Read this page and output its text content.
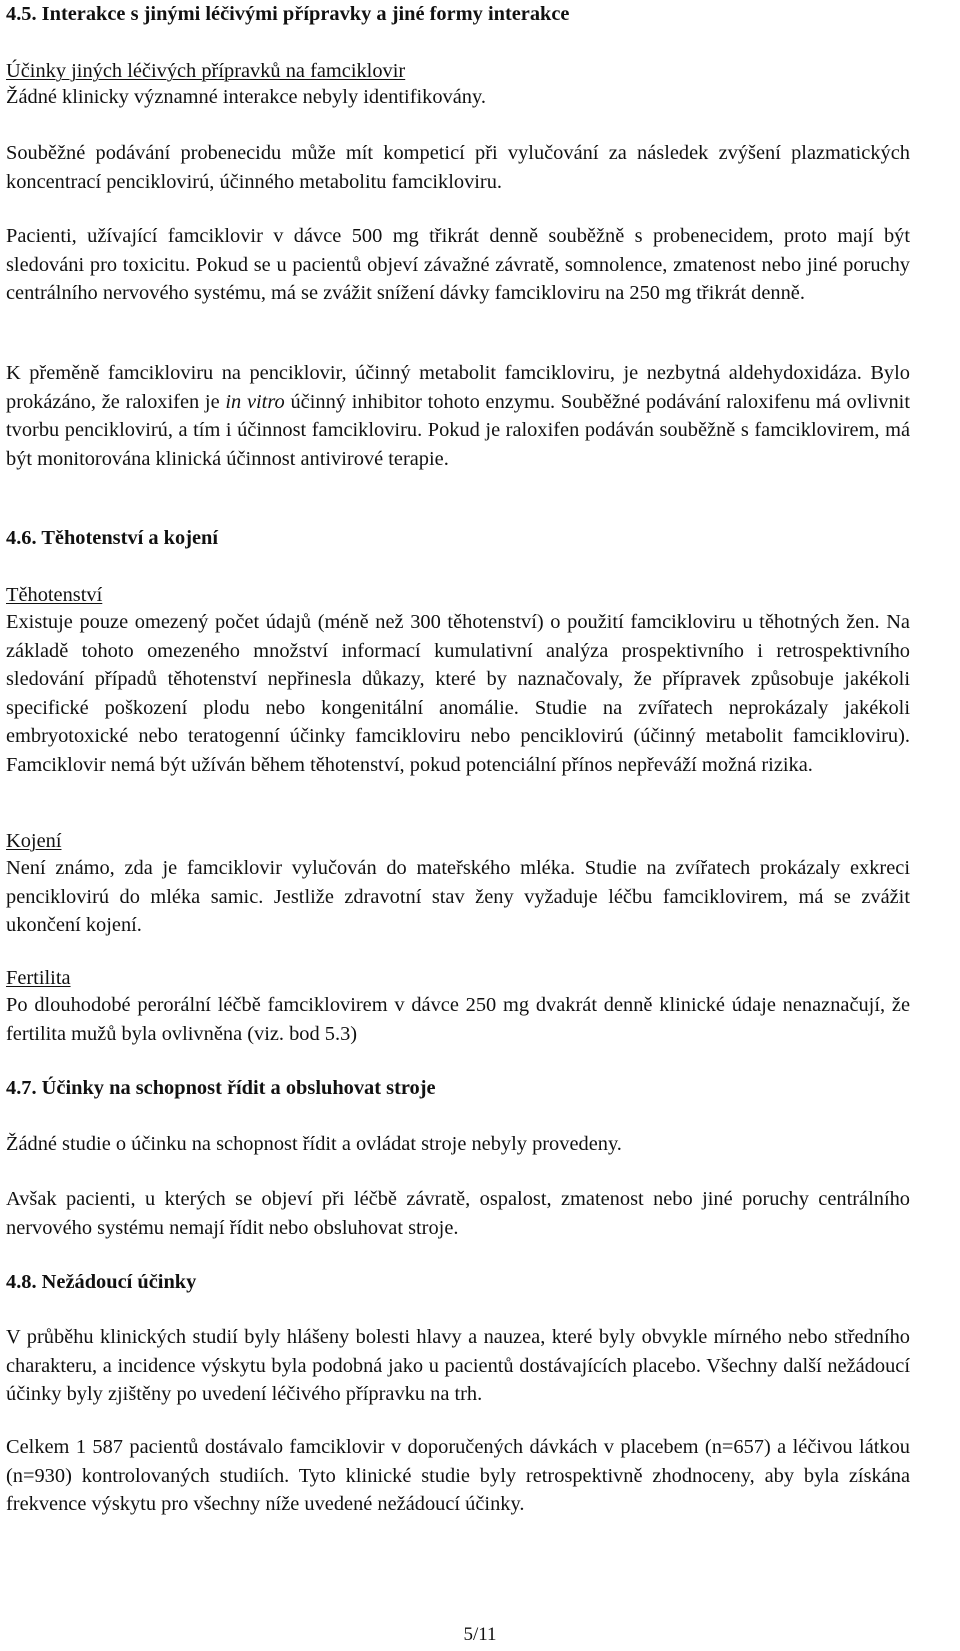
4.5. Interakce s jinými léčivými přípravky a jiné formy interakce

Účinky jiných léčivých přípravků na famciklovir

Žádné klinicky významné interakce nebyly identifikovány.

Souběžné podávání probenecidu může mít kompeticí při vylučování za následek zvýšení plazmatických koncentrací penciklovirú, účinného metabolitu famcikloviru.

Pacienti, užívající famciklovir v dávce 500 mg třikrát denně souběžně s probenecidem, proto mají být sledováni pro toxicitu. Pokud se u pacientů objeví závažné závratě, somnolence, zmatenost nebo jiné poruchy centrálního nervového systému, má se zvážit snížení dávky famcikloviru na 250 mg třikrát denně.

K přeměně famcikloviru na penciklovir, účinný metabolit famcikloviru, je nezbytná aldehydoxidáza. Bylo prokázáno, že raloxifen je in vitro účinný inhibitor tohoto enzymu. Souběžné podávání raloxifenu má ovlivnit tvorbu penciklovirú, a tím i účinnost famcikloviru. Pokud je raloxifen podáván souběžně s famciklovirem, má být monitorována klinická účinnost antivirové terapie.

4.6. Těhotenství a kojení

Těhotenství

Existuje pouze omezený počet údajů (méně než 300 těhotenství) o použití famcikloviru u těhotných žen. Na základě tohoto omezeného množství informací kumulativní analýza prospektivního i retrospektivního sledování případů těhotenství nepřinesla důkazy, které by naznačovaly, že přípravek způsobuje jakékoli specifické poškození plodu nebo kongenitální anomálie. Studie na zvířatech neprokázaly jakékoli embryotoxické nebo teratogenní účinky famcikloviru nebo penciklovirú (účinný metabolit famcikloviru). Famciklovir nemá být užíván během těhotenství, pokud potenciální přínos nepřeváží možná rizika.

Kojení

Není známo, zda je famciklovir vylučován do mateřského mléka. Studie na zvířatech prokázaly exkreci penciklovirú do mléka samic. Jestliže zdravotní stav ženy vyžaduje léčbu famciklovirem, má se zvážit ukončení kojení.

Fertilita

Po dlouhodobé perorální léčbě famciklovirem v dávce 250 mg dvakrát denně klinické údaje nenaznačují, že fertilita mužů byla ovlivněna (viz. bod 5.3)

4.7. Účinky na schopnost řídit a obsluhovat stroje

Žádné studie o účinku na schopnost řídit a ovládat stroje nebyly provedeny.

Avšak pacienti, u kterých se objeví při léčbě závratě, ospalost, zmatenost nebo jiné poruchy centrálního nervového systému nemají řídit nebo obsluhovat stroje.

4.8. Nežádoucí účinky

V průběhu klinických studií byly hlášeny bolesti hlavy a nauzea, které byly obvykle mírného nebo středního charakteru, a incidence výskytu byla podobná jako u pacientů dostávajících placebo. Všechny další nežádoucí účinky byly zjištěny po uvedení léčivého přípravku na trh.

Celkem 1 587 pacientů dostávalo famciklovir v doporučených dávkách v placebem (n=657) a léčivou látkou (n=930) kontrolovaných studiích. Tyto klinické studie byly retrospektivně zhodnoceny, aby byla získána frekvence výskytu pro všechny níže uvedené nežádoucí účinky.

5/11
